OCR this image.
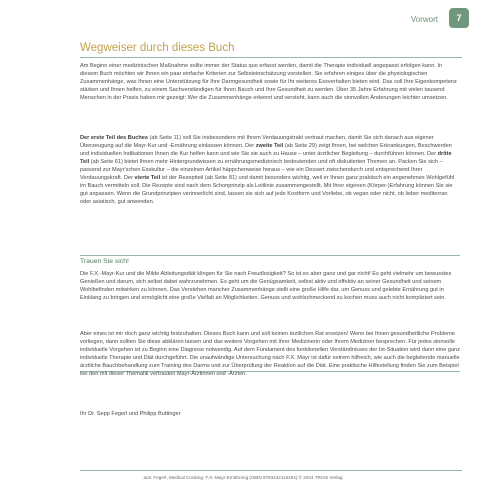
Vorwort	7
Wegweiser durch dieses Buch

Am Beginn einer medizinischen Maßnahme sollte immer der Status quo erfasst werden, damit die Therapie individuell angepasst erfolgen kann. In diesem Buch möchten wir Ihnen ein paar einfache Kriterien zur Selbsteinschätzung vorstellen. Sie erfahren einiges über die physiologischen Zusammenhänge, was Ihnen eine Unterstützung für Ihre Darmgesundheit sowie für Ihr weiteres Essverhalten bieten wird. Das soll Ihre Eigenkompetenz stärken und Ihnen helfen, zu einem Sachverständigen für Ihren Bauch und Ihre Gesundheit zu werden. Über 35 Jahre Erfahrung mit vielen tausend Menschen in der Praxis haben mir gezeigt: Wer die Zusammenhänge erkennt und versteht, kann auch die sinnvollen Änderungen leichter umsetzen.

Der erste Teil des Buches (ab Seite 11) soll Sie insbesondere mit Ihrem Verdauungstrakt vertraut machen, damit Sie sich danach aus eigener Überzeugung auf die Mayr-Kur und -Ernährung einlassen können. Der zweite Teil (ab Seite 29) zeigt Ihnen, bei welchen Erkrankungen, Beschwerden und individuellen Indikationen Ihnen die Kur helfen kann und wie Sie sie auch zu Hause – unter ärztlicher Begleitung – durchführen können. Der dritte Teil (ab Seite 61) bietet Ihnen mehr Hintergrundwissen zu ernährungsmedizinisch bedeutenden und oft diskutierten Themen an. Packen Sie sich – passend zur Mayr'schen Esskultur – die einzelnen Artikel häppchenweise heraus – wie ein Dessert zwischendurch und entsprechend Ihrer Verdauungskraft. Der vierte Teil ist der Rezeptteil (ab Seite 81) und damit besonders wichtig, weil er Ihnen ganz praktisch ein angenehmes Wohlgefühl im Bauch vermitteln soll. Die Rezepte sind nach dem Schonprinzip als Leitlinie zusammengestellt. Mit Ihrer eigenen (Körper-)Erfahrung können Sie sie gut anpassen. Wenn die Grundprinzipien verinnerlicht sind, lassen sie sich auf jede Kostform und Vorliebe, ob vegan oder nicht, ob lieber mediterran oder asiatisch, gut anwenden.

Trauen Sie sich!

Die F.X.-Mayr-Kur und die Milde Ableitungsdiät klingen für Sie nach Freudlosigkeit? So ist es aber ganz und gar nicht! Es geht vielmehr um bewusstes Genießen und darum, sich selbst dabei wahrzunehmen. Es geht um die Genügsamkeit, selbst aktiv und effektiv an seiner Gesundheit und seinem Wohlbefinden mitwirken zu können. Das Verstehen mancher Zusammenhänge stellt eine große Hilfe dar, um Genuss und gelebte Ernährung gut in Einklang zu bringen und ermöglicht eine große Vielfalt an Möglichkeiten. Genuss und wohlschmeckend zu kochen muss auch nicht kompliziert sein.

Aber eines ist mir doch ganz wichtig festzuhalten: Dieses Buch kann und soll keinen ärztlichen Rat ersetzen! Wenn bei Ihnen gesundheitliche Probleme vorliegen, dann sollten Sie diese abklären lassen und das weitere Vorgehen mit Ihrer Medizinerin oder Ihrem Mediziner besprechen. Für jedes sinnvolle individuelle Vorgehen ist zu Beginn eine Diagnose notwendig. Auf dem Fundament des funktionellen Verständnisses der Ist-Situation wird dann eine ganz individuelle Therapie und Diät durchgeführt. Die unaufwändige Untersuchung nach F.X. Mayr ist dafür extrem hilfreich, wie auch die begleitende manuelle ärztliche Bauchbehandlung zum Training des Darms und zur Überprüfung der Reaktion auf die Diät. Eine praktische Hilfestellung finden Sie zum Beispiel bei den mit dieser Thematik vertrauten Mayr-Ärztinnen und -Ärzten.

Ihr Dr. Sepp Fegerl und Philipp Buttinger

aus: Fegerl, Medical Cooking: F.X.-Mayr-Ernährung (ISBN 9783432116464) © 2024 TRIAS Verlag
